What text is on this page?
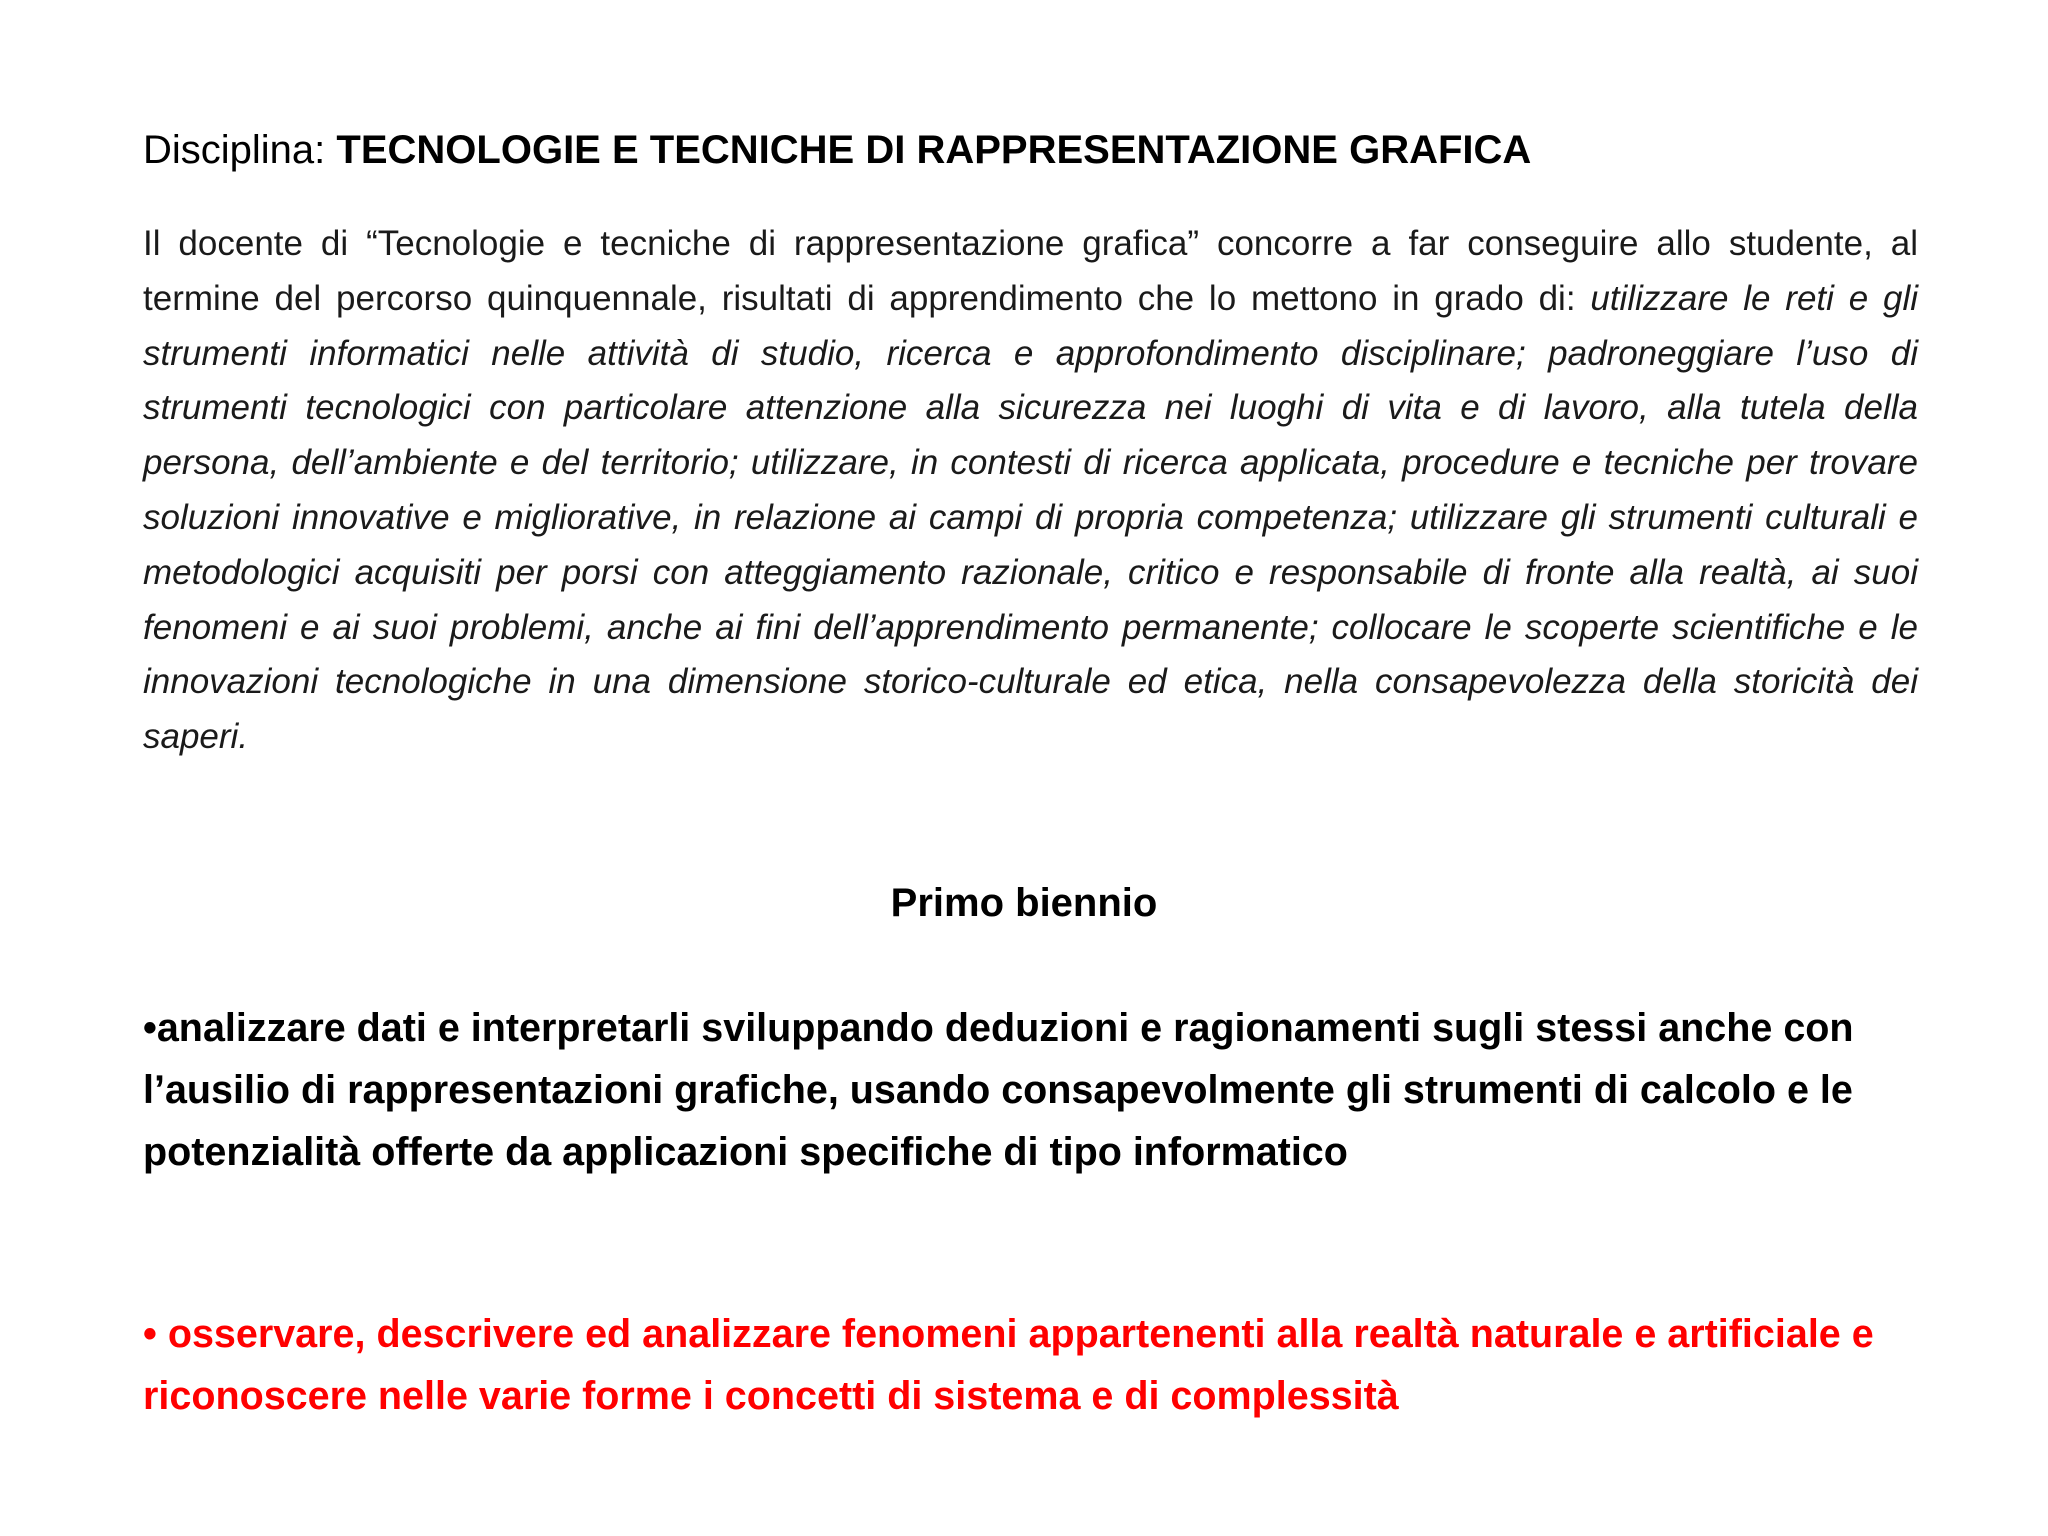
Disciplina: TECNOLOGIE E TECNICHE DI RAPPRESENTAZIONE GRAFICA

Il docente di “Tecnologie e tecniche di rappresentazione grafica” concorre a far conseguire allo studente, al termine del percorso quinquennale, risultati di apprendimento che lo mettono in grado di: utilizzare le reti e gli strumenti informatici nelle attività di studio, ricerca e approfondimento disciplinare; padroneggiare l’uso di strumenti tecnologici con particolare attenzione alla sicurezza nei luoghi di vita e di lavoro, alla tutela della persona, dell’ambiente e del territorio; utilizzare, in contesti di ricerca applicata, procedure e tecniche per trovare soluzioni innovative e migliorative, in relazione ai campi di propria competenza; utilizzare gli strumenti culturali e metodologici acquisiti per porsi con atteggiamento razionale, critico e responsabile di fronte alla realtà, ai suoi fenomeni e ai suoi problemi, anche ai fini dell’apprendimento permanente; collocare le scoperte scientifiche e le innovazioni tecnologiche in una dimensione storico-culturale ed etica, nella consapevolezza della storicità dei saperi.

Primo biennio
•analizzare dati e interpretarli sviluppando deduzioni e ragionamenti sugli stessi anche con l’ausilio di rappresentazioni grafiche, usando consapevolmente gli strumenti di calcolo e le potenzialità offerte da applicazioni specifiche di tipo informatico
• osservare, descrivere ed analizzare fenomeni appartenenti alla realtà naturale e artificiale e riconoscere nelle varie forme i concetti di sistema e di complessità
